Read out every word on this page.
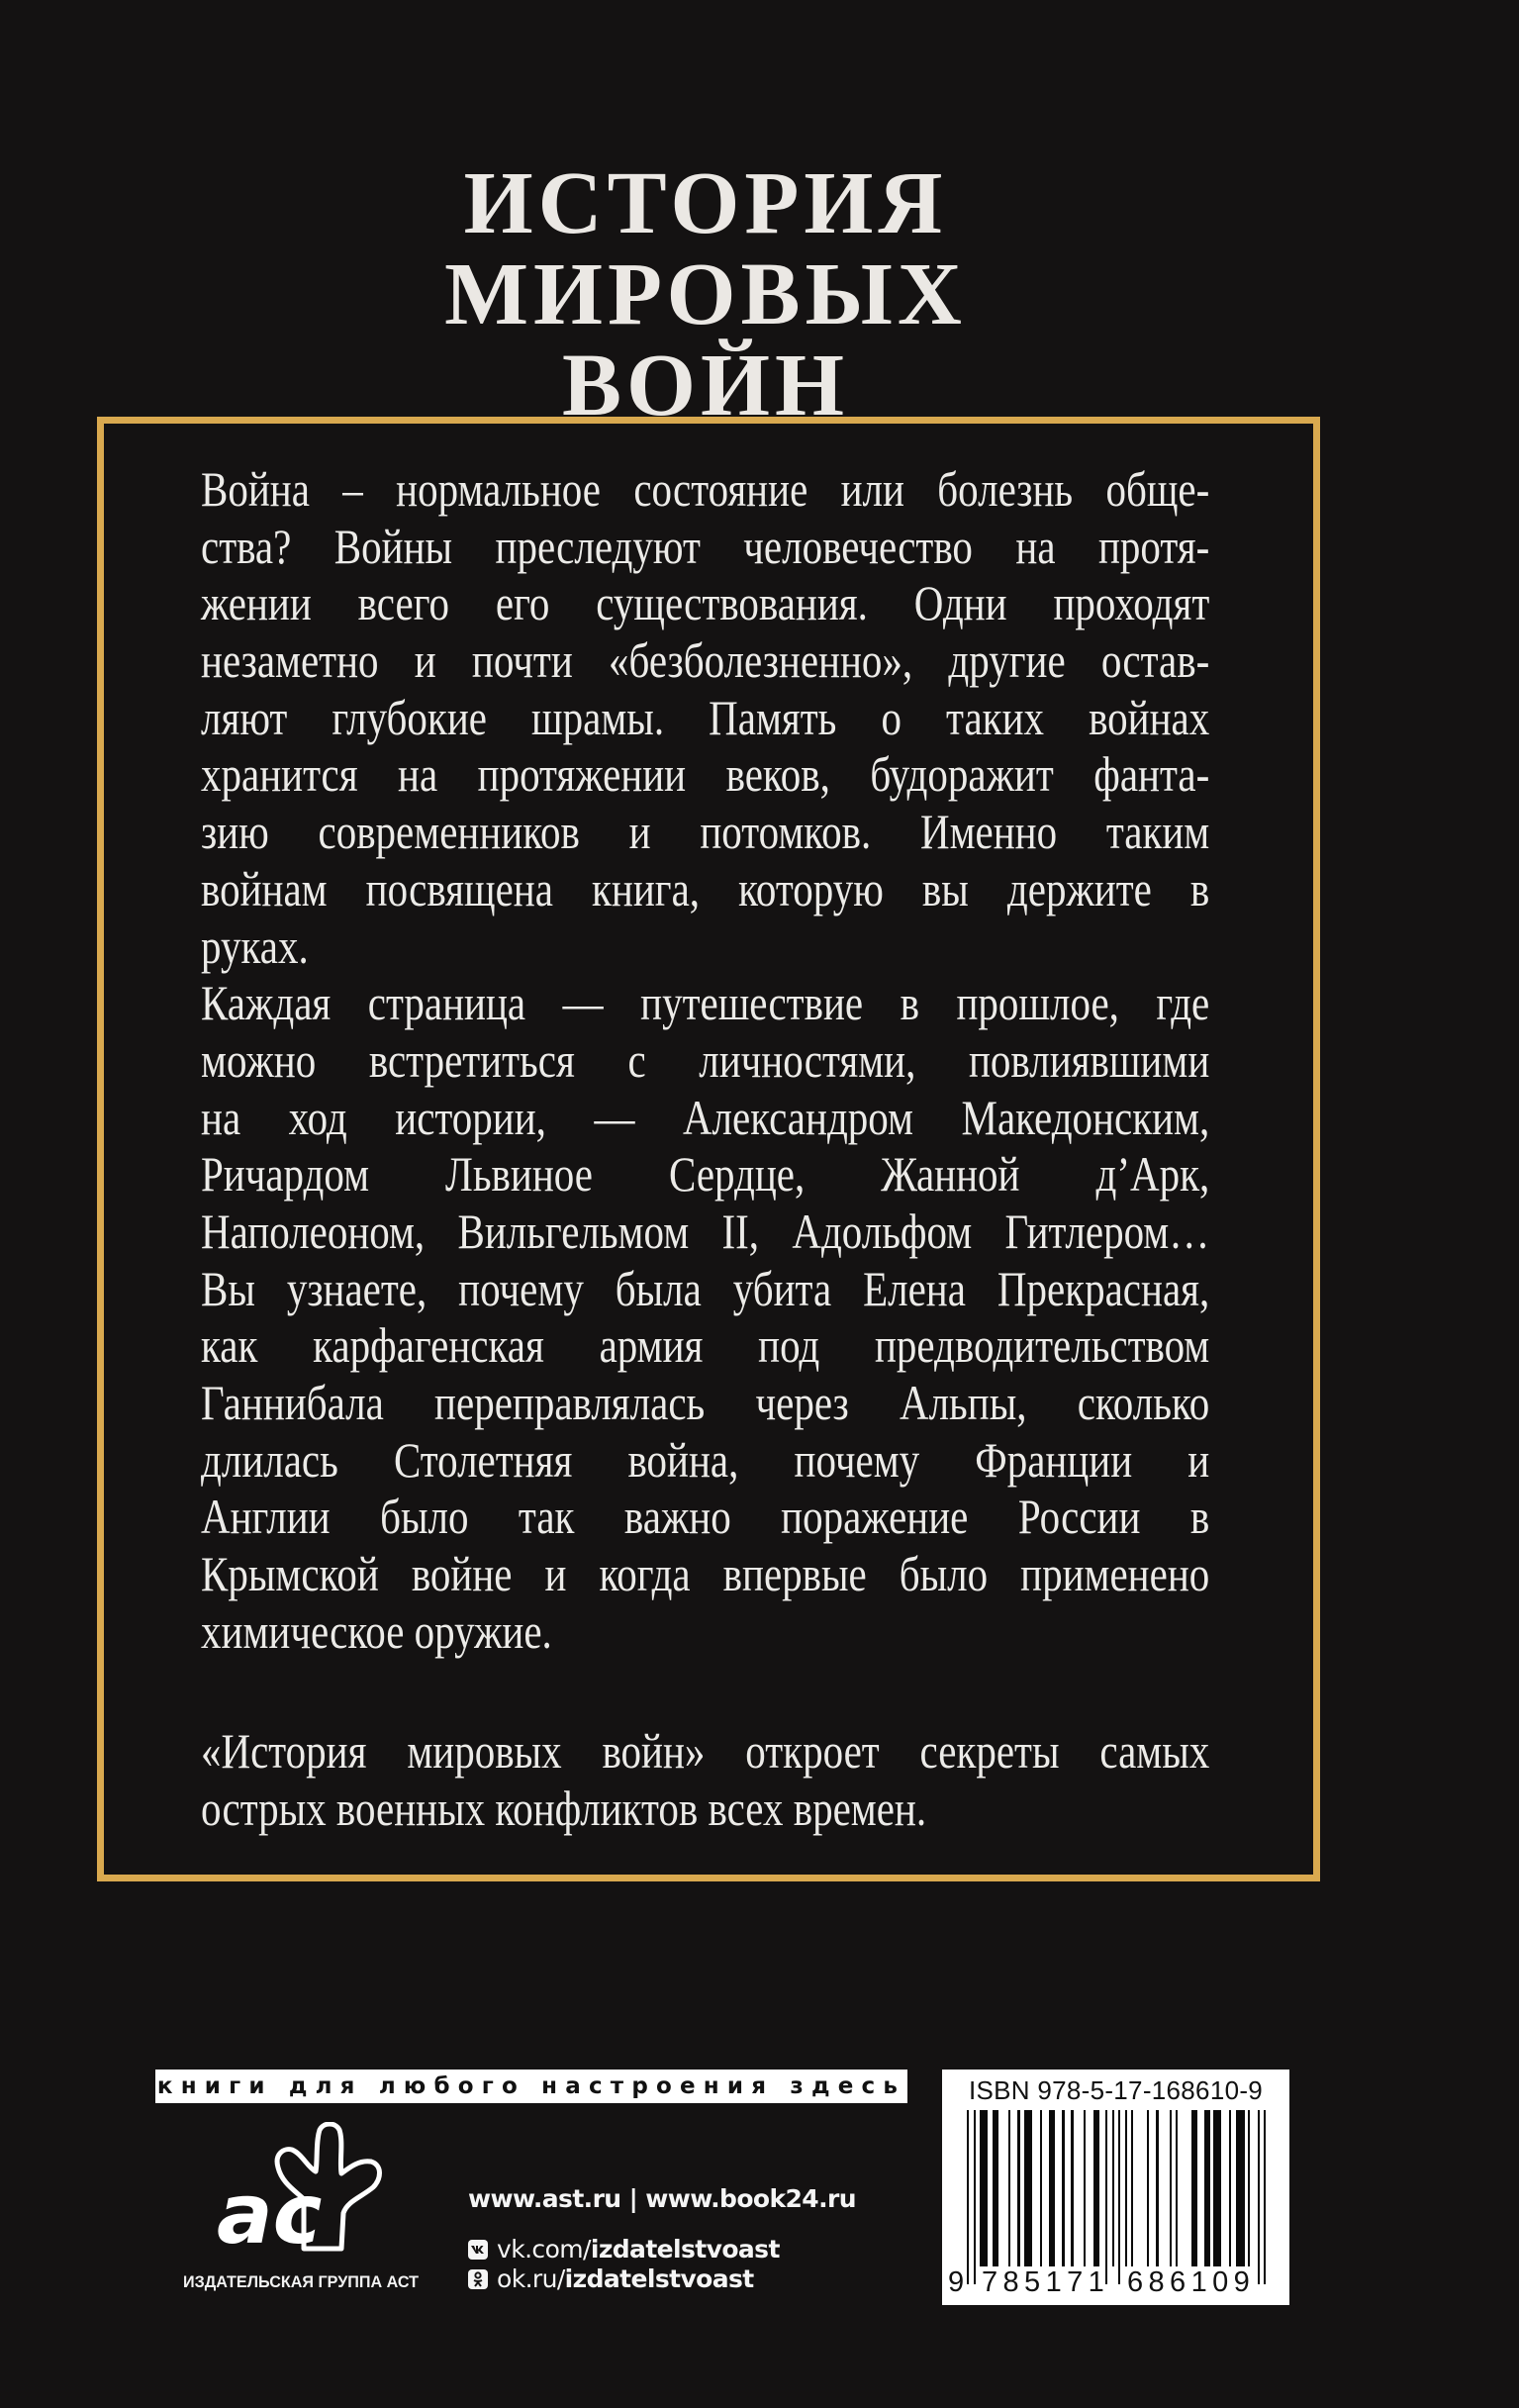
ИСТОРИЯ МИРОВЫХ
ВОЙН
Война – нормальное состояние или болезнь обще-
ства? Войны преследуют человечество на протя-
жении всего его существования. Одни проходят
незаметно и почти «безболезненно», другие остав-
ляют глубокие шрамы. Память о таких войнах
хранится на протяжении веков, будоражит фанта-
зию современников и потомков. Именно таким
войнам посвящена книга, которую вы держите в
руках.
Каждая страница — путешествие в прошлое, где
можно встретиться с личностями, повлиявшими
на ход истории, — Александром Македонским,
Ричардом Львиное Сердце, Жанной д’Арк,
Наполеоном, Вильгельмом II, Адольфом Гитлером…
Вы узнаете, почему была убита Елена Прекрасная,
как карфагенская армия под предводительством
Ганнибала переправлялась через Альпы, сколько
длилась Столетняя война, почему Франции и
Англии было так важно поражение России в
Крымской войне и когда впервые было применено
химическое оружие.
«История мировых войн» откроет секреты самых
острых военных конфликтов всех времен.
книги для любого настроения здесь
ас
ИЗДАТЕЛЬСКАЯ ГРУППА АСТ
www.ast.ru | www.book24.ru
vk.com/ izdatelstvoast
ok.ru/ izdatelstvoast
ISBN 978-5-17-168610-9
9 785171 686109
